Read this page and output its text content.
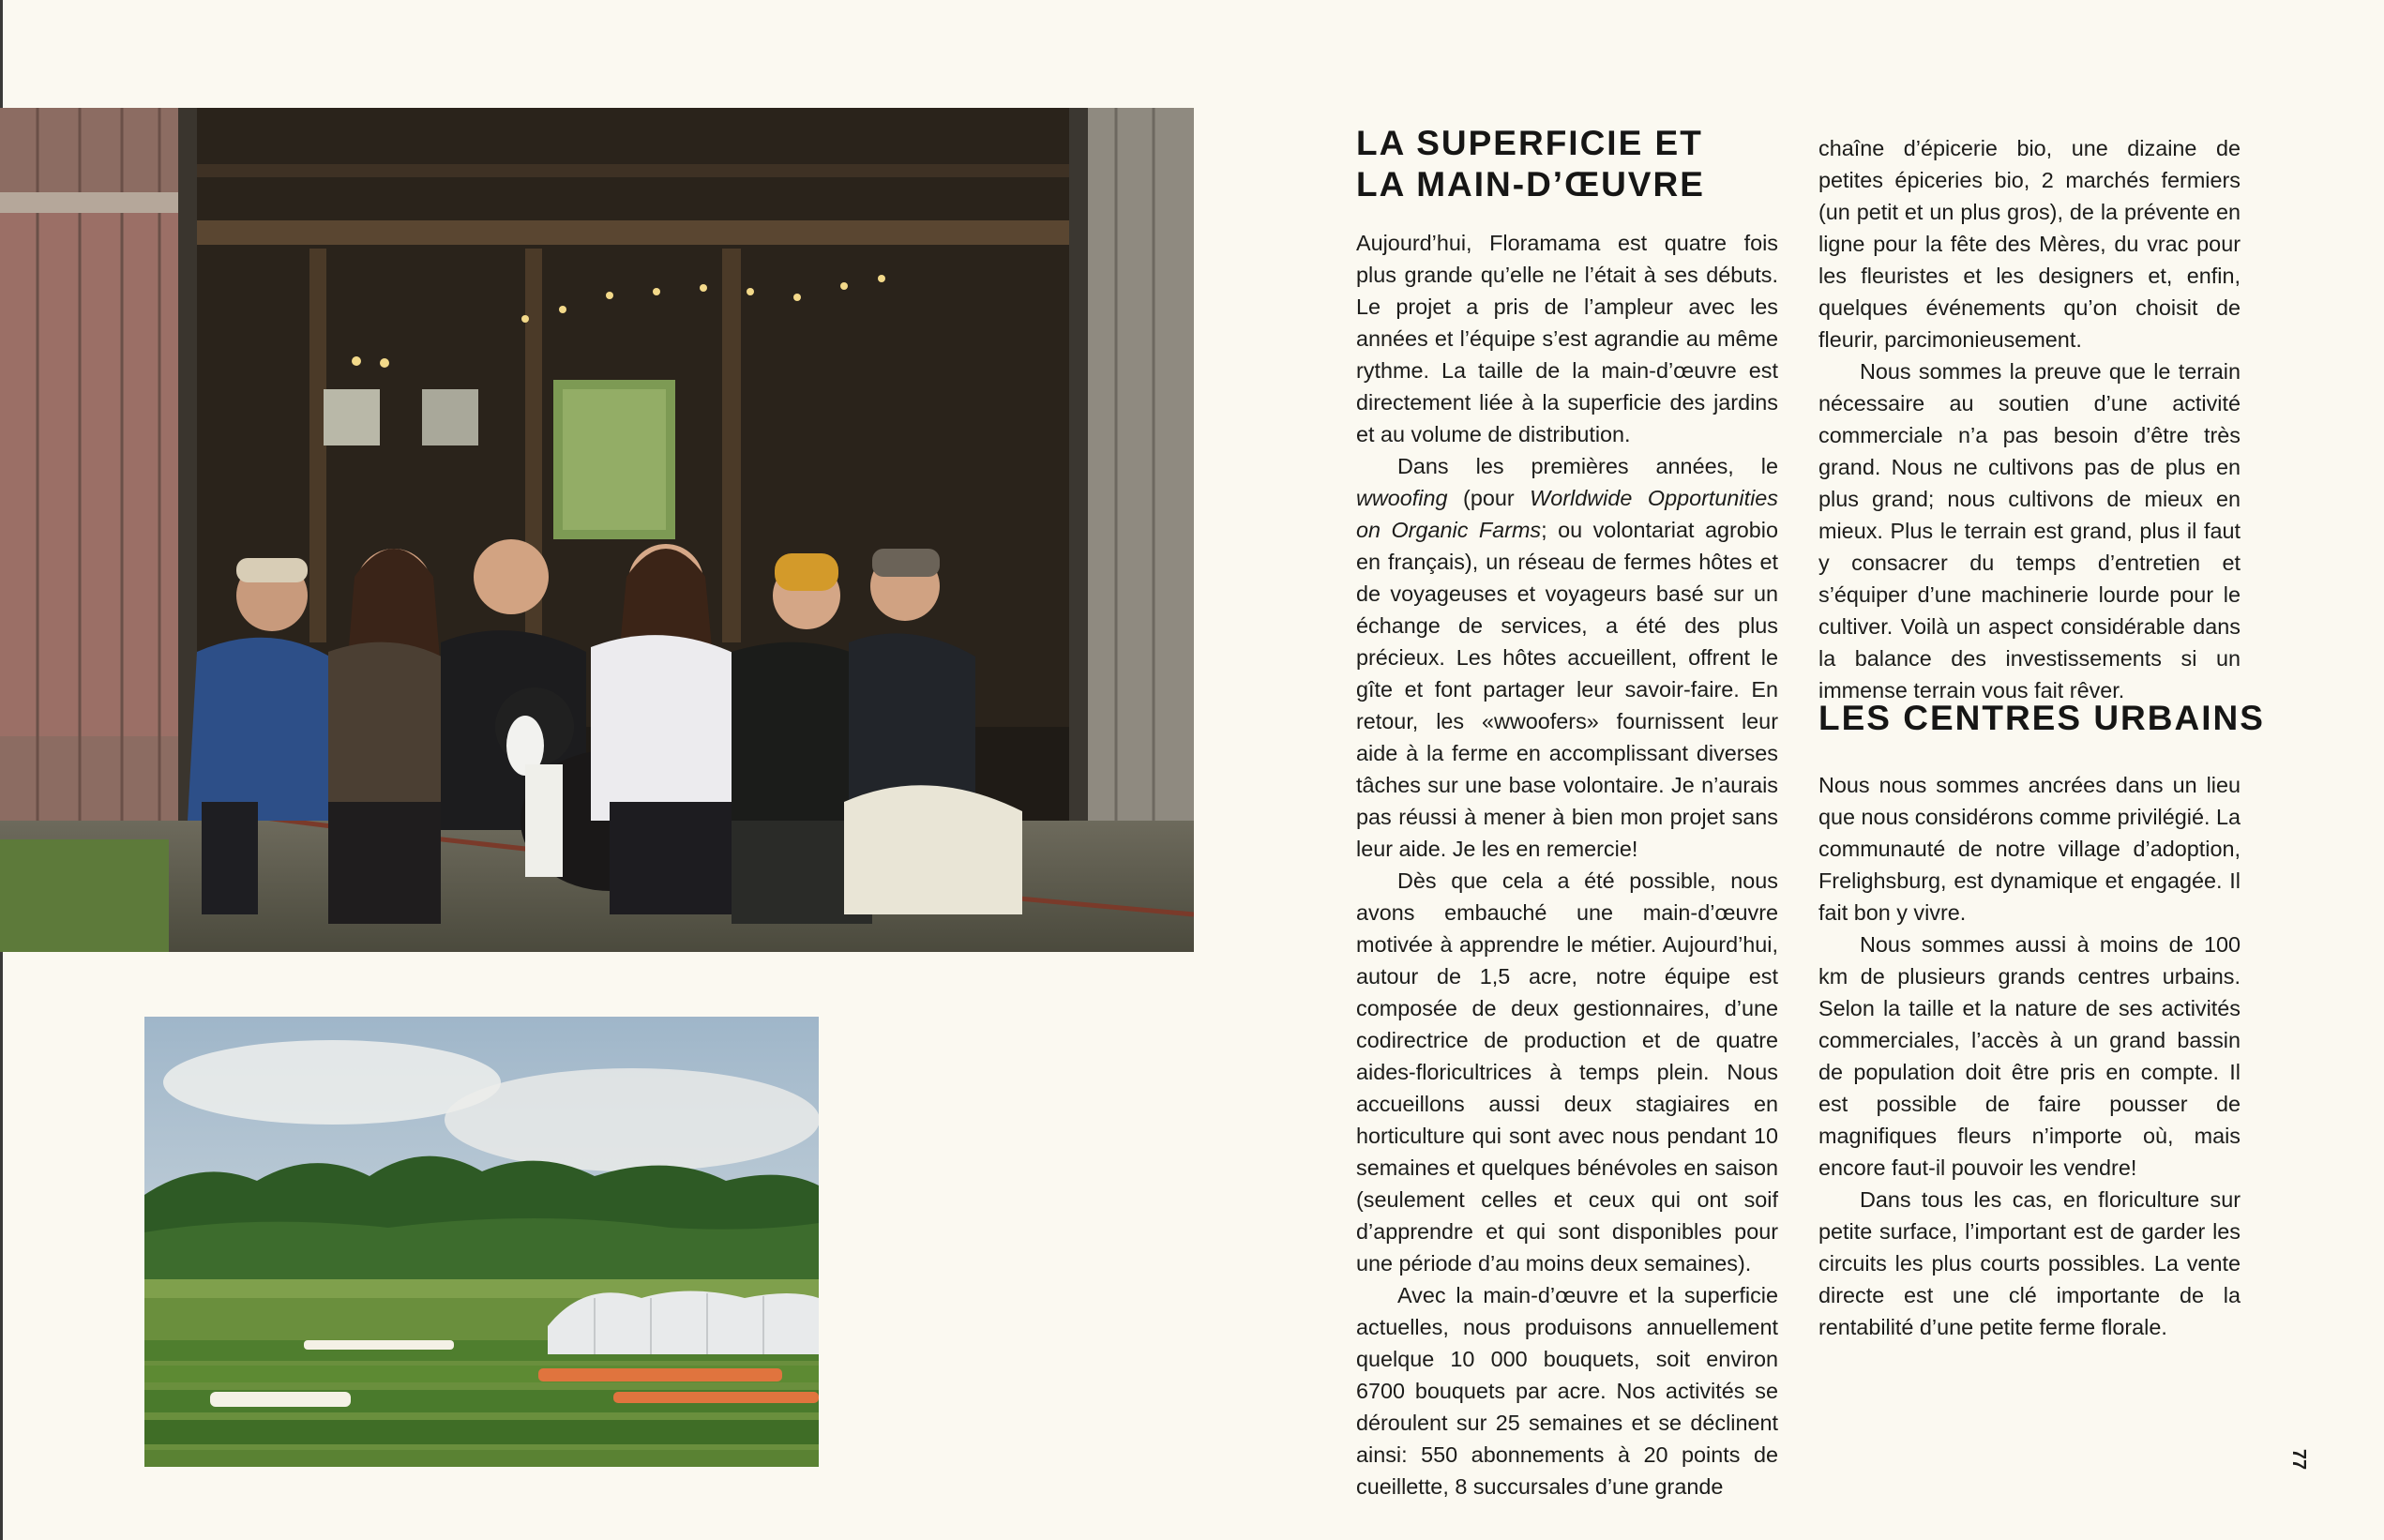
LA SUPERFICIE ET
LA MAIN-D’ŒUVRE
LES CENTRES URBAINS

Aujourd’hui, Floramama est quatre fois plus grande qu’elle ne l’était à ses débuts. Le projet a pris de l’ampleur avec les années et l’équipe s’est agrandie au même rythme. La taille de la main-d’œuvre est directement liée à la superficie des jardins et au volume de distribution.

Dans les premières années, le wwoofing (pour Worldwide Opportunities on Organic Farms; ou volontariat agrobio en français), un réseau de fermes hôtes et de voyageuses et voyageurs basé sur un échange de services, a été des plus précieux. Les hôtes accueillent, offrent le gîte et font partager leur savoir-faire. En retour, les «wwoofers» fournissent leur aide à la ferme en accomplissant diverses tâches sur une base volontaire. Je n’aurais pas réussi à mener à bien mon projet sans leur aide. Je les en remercie!

Dès que cela a été possible, nous avons embauché une main-d’œuvre motivée à apprendre le métier. Aujourd’hui, autour de 1,5 acre, notre équipe est composée de deux gestionnaires, d’une codirectrice de production et de quatre aides-floricultrices à temps plein. Nous accueillons aussi deux stagiaires en horticulture qui sont avec nous pendant 10 semaines et quelques bénévoles en saison (seulement celles et ceux qui ont soif d’apprendre et qui sont disponibles pour une période d’au moins deux semaines).

Avec la main-d’œuvre et la superficie actuelles, nous produisons annuellement quelque 10 000 bouquets, soit environ 6700 bouquets par acre. Nos activités se déroulent sur 25 semaines et se déclinent ainsi: 550 abonnements à 20 points de cueillette, 8 succursales d’une grande

chaîne d’épicerie bio, une dizaine de petites épiceries bio, 2 marchés fermiers (un petit et un plus gros), de la prévente en ligne pour la fête des Mères, du vrac pour les fleuristes et les designers et, enfin, quelques événements qu’on choisit de fleurir, parcimonieusement.

Nous sommes la preuve que le terrain nécessaire au soutien d’une activité commerciale n’a pas besoin d’être très grand. Nous ne cultivons pas de plus en plus grand; nous cultivons de mieux en mieux. Plus le terrain est grand, plus il faut y consacrer du temps d’entretien et s’équiper d’une machinerie lourde pour le cultiver. Voilà un aspect considérable dans la balance des investissements si un immense terrain vous fait rêver.

Nous nous sommes ancrées dans un lieu que nous considérons comme privilégié. La communauté de notre village d’adoption, Frelighsburg, est dynamique et engagée. Il fait bon y vivre.

Nous sommes aussi à moins de 100 km de plusieurs grands centres urbains. Selon la taille et la nature de ses activités commerciales, l’accès à un grand bassin de population doit être pris en compte. Il est possible de faire pousser de magnifiques fleurs n’importe où, mais encore faut-il pouvoir les vendre!

Dans tous les cas, en floriculture sur petite surface, l’important est de garder les circuits les plus courts possibles. La vente directe est une clé importante de la rentabilité d’une petite ferme florale.

77
